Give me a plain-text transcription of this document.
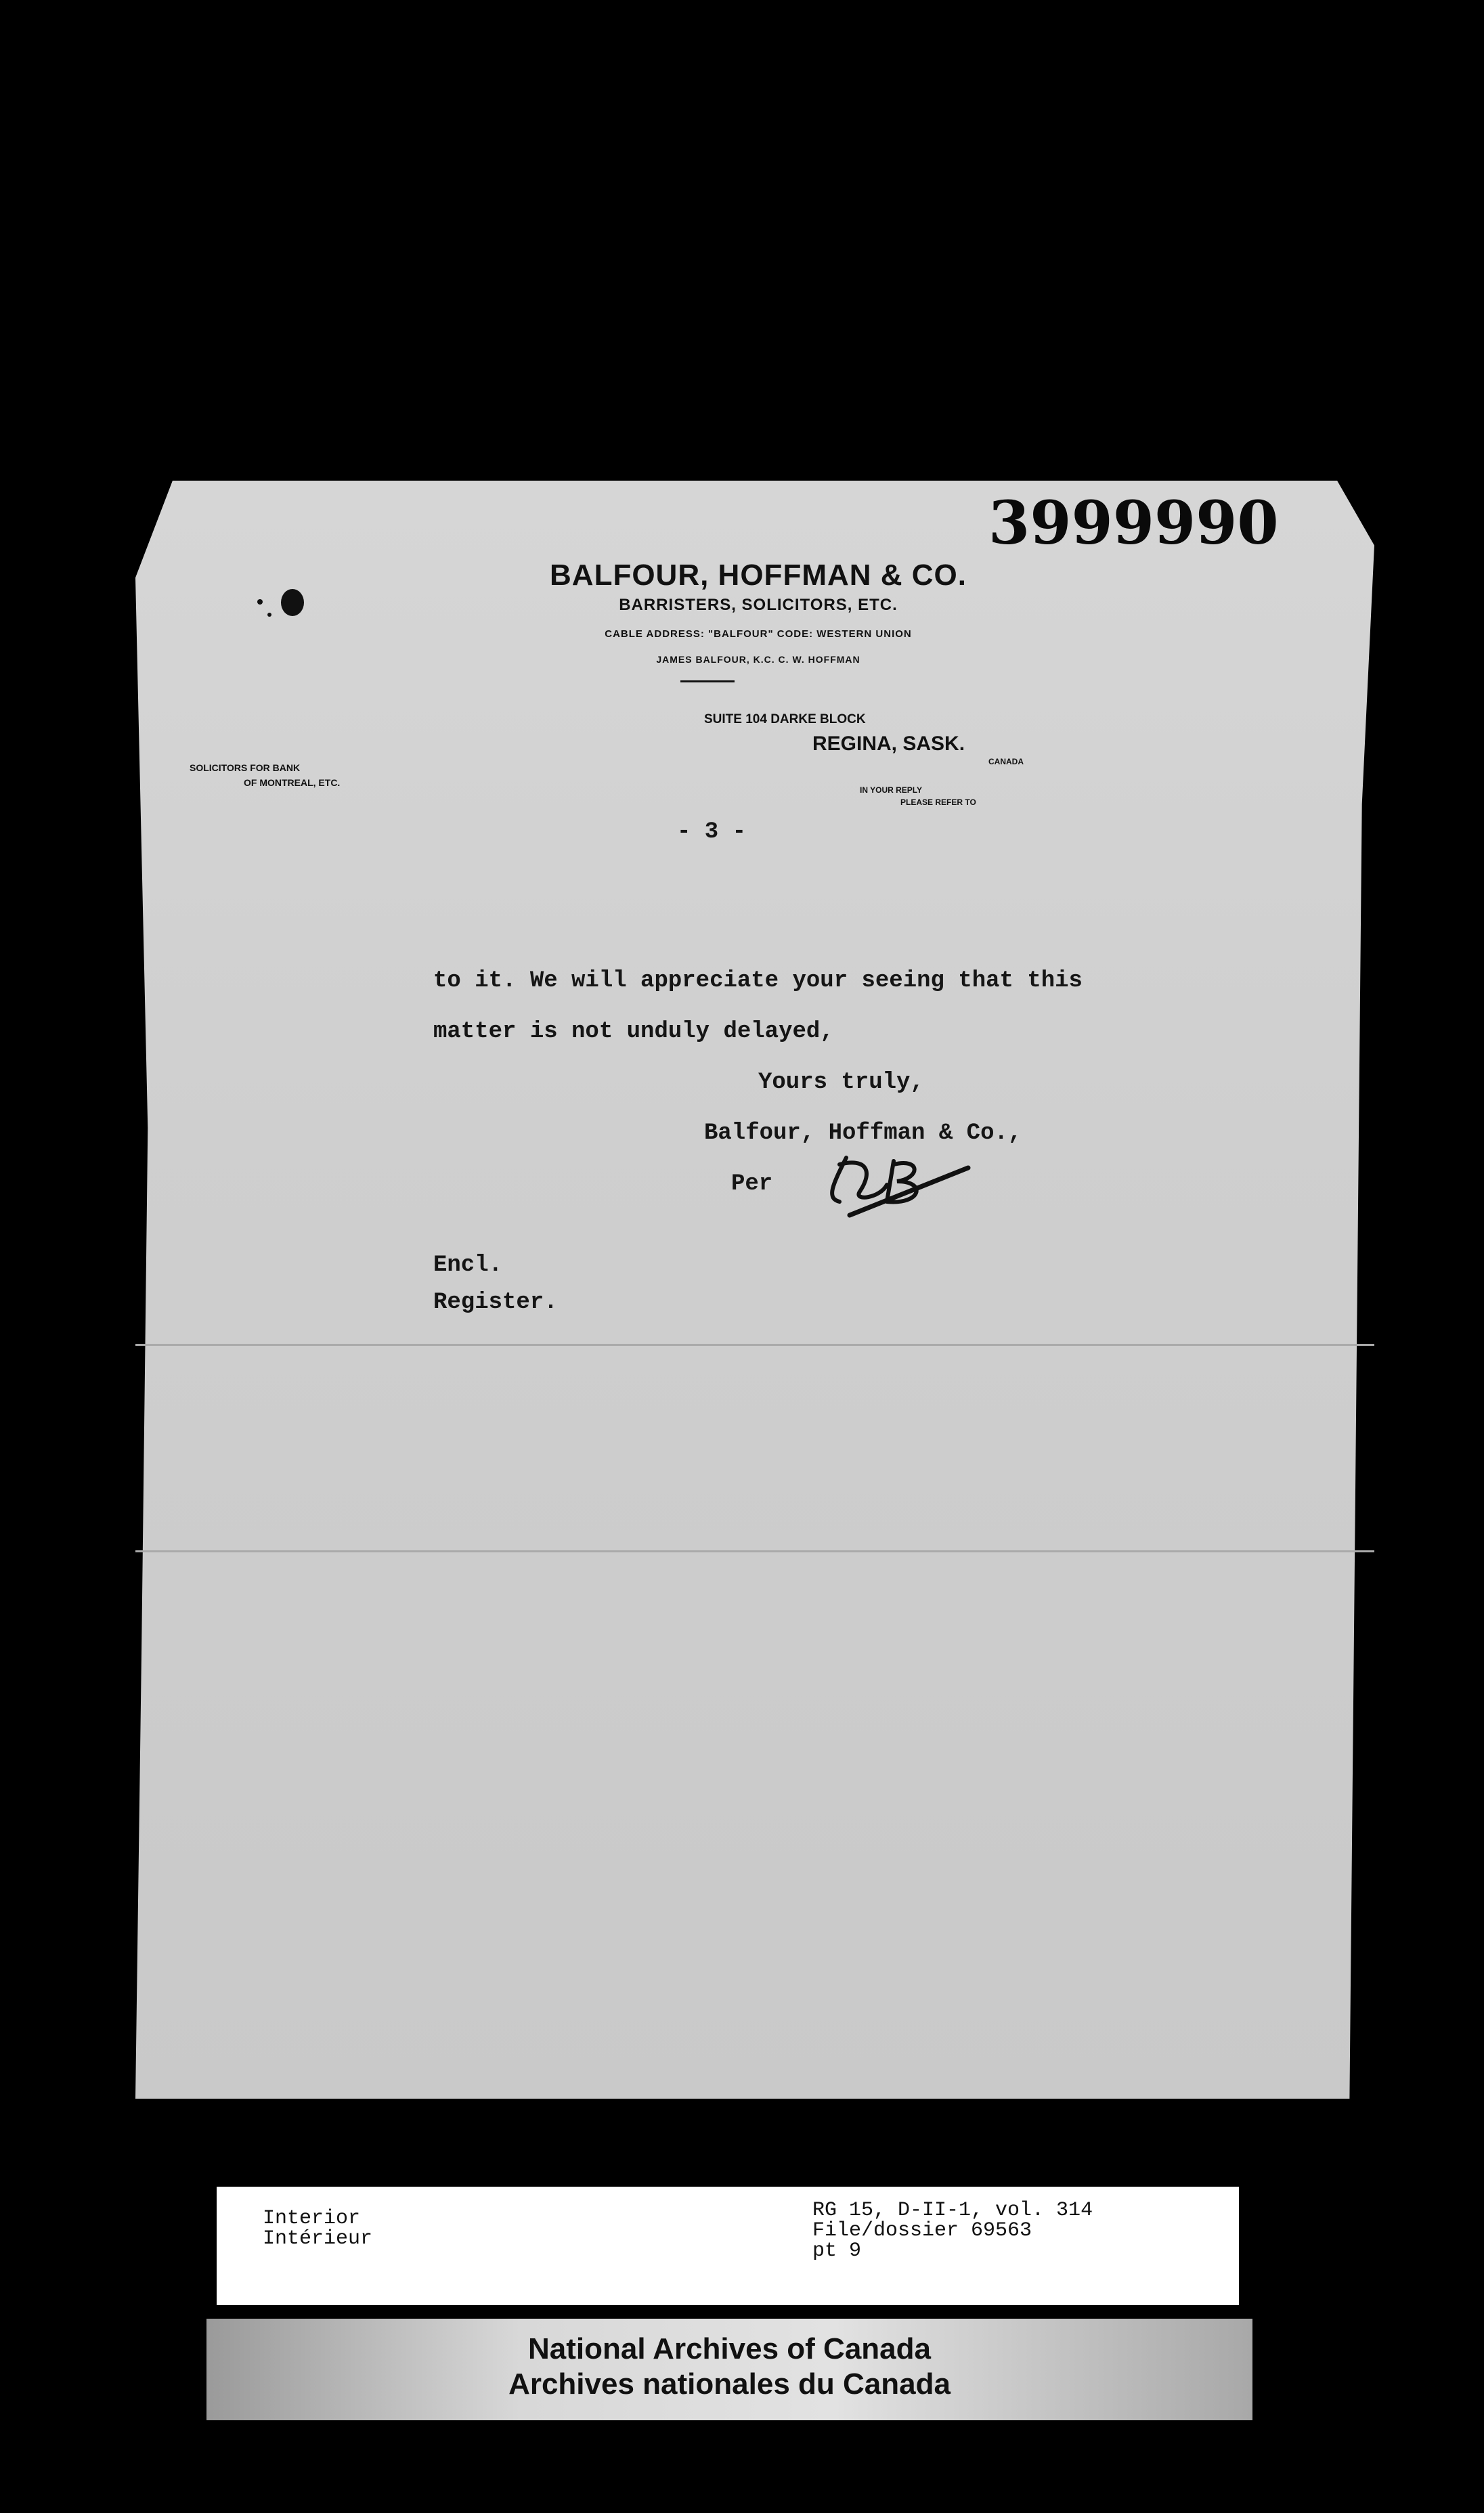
3999990
BALFOUR, HOFFMAN & CO.
BARRISTERS, SOLICITORS, ETC.
CABLE ADDRESS: "BALFOUR" CODE: WESTERN UNION
JAMES BALFOUR, K.C. C. W. HOFFMAN
SUITE 104 DARKE BLOCK
REGINA, SASK.
CANADA
IN YOUR REPLY
PLEASE REFER TO
SOLICITORS FOR BANK
OF MONTREAL, ETC.
- 3 -
to it. We will appreciate your seeing that this
matter is not unduly delayed,
Yours truly,
Balfour, Hoffman & Co.,
Per
Encl.
Register.
Interior
Intérieur
RG 15, D-II-1, vol. 314
File/dossier 69563
pt 9
National Archives of Canada
Archives nationales du Canada
